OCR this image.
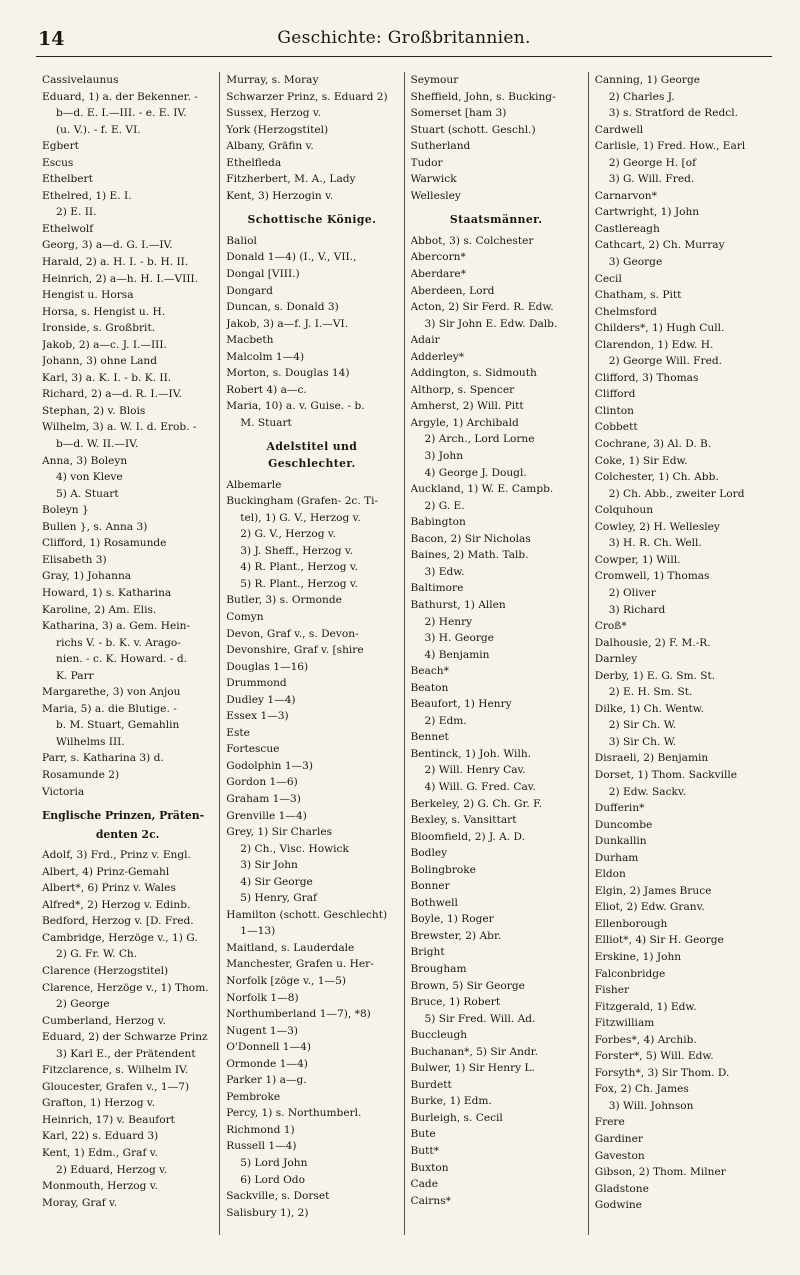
14	Geschichte: Großbritannien.
Cassivelaunus
Eduard, 1) a. der Bekenner. -
b—d. E. I.—III. - e. E. IV.
(u. V.). - f. E. VI.
Egbert
Escus
Ethelbert
Ethelred, 1) E. I.
2) E. II.
Ethelwolf
Georg, 3) a—d. G. I.—IV.
Harald, 2) a. H. I. - b. H. II.
Heinrich, 2) a—h. H. I.—VIII.
Hengist u. Horsa
Horsa, s. Hengist u. H.
Ironside, s. Großbrit.
Jakob, 2) a—c. J. I.—III.
Johann, 3) ohne Land
Karl, 3) a. K. I. - b. K. II.
Richard, 2) a—d. R. I.—IV.
Stephan, 2) v. Blois
Wilhelm, 3) a. W. I. d. Erob. -
b—d. W. II.—IV.
Anna, 3) Boleyn
4) von Kleve
5) A. Stuart
Boleyn }
Bullen }, s. Anna 3)
Clifford, 1) Rosamunde
Elisabeth 3)
Gray, 1) Johanna
Howard, 1) s. Katharina
Karoline, 2) Am. Elis.
Katharina, 3) a. Gem. Hein-
richs V. - b. K. v. Arago-
nien. - c. K. Howard. - d.
K. Parr
Margarethe, 3) von Anjou
Maria, 5) a. die Blutige. -
b. M. Stuart, Gemahlin
Wilhelms III.
Parr, s. Katharina 3) d.
Rosamunde 2)
Victoria
Englische Prinzen, Präten-
denten 2c.
Adolf, 3) Frd., Prinz v. Engl.
Albert, 4) Prinz-Gemahl
Albert*, 6) Prinz v. Wales
Alfred*, 2) Herzog v. Edinb.
Bedford, Herzog v. [D. Fred.
Cambridge, Herzöge v., 1) G.
2) G. Fr. W. Ch.
Clarence (Herzogstitel)
Clarence, Herzöge v., 1) Thom.
2) George
Cumberland, Herzog v.
Eduard, 2) der Schwarze Prinz
3) Karl E., der Prätendent
Fitzclarence, s. Wilhelm IV.
Gloucester, Grafen v., 1—7)
Grafton, 1) Herzog v.
Heinrich, 17) v. Beaufort
Karl, 22) s. Eduard 3)
Kent, 1) Edm., Graf v.
2) Eduard, Herzog v.
Monmouth, Herzog v.
Moray, Graf v.
Murray, s. Moray
Schwarzer Prinz, s. Eduard 2)
Sussex, Herzog v.
York (Herzogstitel)
Albany, Gräfin v.
Ethelfleda
Fitzherbert, M. A., Lady
Kent, 3) Herzogin v.
Schottische Könige.
Baliol
Donald 1—4) (I., V., VII.,
Dongal [VIII.)
Dongard
Duncan, s. Donald 3)
Jakob, 3) a—f. J. I.—VI.
Macbeth
Malcolm 1—4)
Morton, s. Douglas 14)
Robert 4) a—c.
Maria, 10) a. v. Guise. - b.
M. Stuart
Adelstitel und Geschlechter.
Albemarle
Buckingham (Grafen- 2c. Ti-
tel), 1) G. V., Herzog v.
2) G. V., Herzog v.
3) J. Sheff., Herzog v.
4) R. Plant., Herzog v.
5) R. Plant., Herzog v.
Butler, 3) s. Ormonde
Comyn
Devon, Graf v., s. Devon-
Devonshire, Graf v. [shire
Douglas 1—16)
Drummond
Dudley 1—4)
Essex 1—3)
Este
Fortescue
Godolphin 1—3)
Gordon 1—6)
Graham 1—3)
Grenville 1—4)
Grey, 1) Sir Charles
2) Ch., Visc. Howick
3) Sir John
4) Sir George
5) Henry, Graf
Hamilton (schott. Geschlecht)
1—13)
Maitland, s. Lauderdale
Manchester, Grafen u. Her-
Norfolk [zöge v., 1—5)
Norfolk 1—8)
Northumberland 1—7), *8)
Nugent 1—3)
O'Donnell 1—4)
Ormonde 1—4)
Parker 1) a—g.
Pembroke
Percy, 1) s. Northumberl.
Richmond 1)
Russell 1—4)
5) Lord John
6) Lord Odo
Sackville, s. Dorset
Salisbury 1), 2)
Seymour
Sheffield, John, s. Bucking-
Somerset [ham 3)
Stuart (schott. Geschl.)
Sutherland
Tudor
Warwick
Wellesley
Staatsmänner.
Abbot, 3) s. Colchester
Abercorn*
Aberdare*
Aberdeen, Lord
Acton, 2) Sir Ferd. R. Edw.
3) Sir John E. Edw. Dalb.
Adair
Adderley*
Addington, s. Sidmouth
Althorp, s. Spencer
Amherst, 2) Will. Pitt
Argyle, 1) Archibald
2) Arch., Lord Lorne
3) John
4) George J. Dougl.
Auckland, 1) W. E. Campb.
2) G. E.
Babington
Bacon, 2) Sir Nicholas
Baines, 2) Math. Talb.
3) Edw.
Baltimore
Bathurst, 1) Allen
2) Henry
3) H. George
4) Benjamin
Beach*
Beaton
Beaufort, 1) Henry
2) Edm.
Bennet
Bentinck, 1) Joh. Wilh.
2) Will. Henry Cav.
4) Will. G. Fred. Cav.
Berkeley, 2) G. Ch. Gr. F.
Bexley, s. Vansittart
Bloomfield, 2) J. A. D.
Bodley
Bolingbroke
Bonner
Bothwell
Boyle, 1) Roger
Brewster, 2) Abr.
Bright
Brougham
Brown, 5) Sir George
Bruce, 1) Robert
5) Sir Fred. Will. Ad.
Buccleugh
Buchanan*, 5) Sir Andr.
Bulwer, 1) Sir Henry L.
Burdett
Burke, 1) Edm.
Burleigh, s. Cecil
Bute
Butt*
Buxton
Cade
Cairns*
Canning, 1) George
2) Charles J.
3) s. Stratford de Redcl.
Cardwell
Carlisle, 1) Fred. How., Earl
2) George H. [of
3) G. Will. Fred.
Carnarvon*
Cartwright, 1) John
Castlereagh
Cathcart, 2) Ch. Murray
3) George
Cecil
Chatham, s. Pitt
Chelmsford
Childers*, 1) Hugh Cull.
Clarendon, 1) Edw. H.
2) George Will. Fred.
Clifford, 3) Thomas
Clifford
Clinton
Cobbett
Cochrane, 3) Al. D. B.
Coke, 1) Sir Edw.
Colchester, 1) Ch. Abb.
2) Ch. Abb., zweiter Lord
Colquhoun
Cowley, 2) H. Wellesley
3) H. R. Ch. Well.
Cowper, 1) Will.
Cromwell, 1) Thomas
2) Oliver
3) Richard
Croß*
Dalhousie, 2) F. M.-R.
Darnley
Derby, 1) E. G. Sm. St.
2) E. H. Sm. St.
Dilke, 1) Ch. Wentw.
2) Sir Ch. W.
3) Sir Ch. W.
Disraeli, 2) Benjamin
Dorset, 1) Thom. Sackville
2) Edw. Sackv.
Dufferin*
Duncombe
Dunkallin
Durham
Eldon
Elgin, 2) James Bruce
Eliot, 2) Edw. Granv.
Ellenborough
Elliot*, 4) Sir H. George
Erskine, 1) John
Falconbridge
Fisher
Fitzgerald, 1) Edw.
Fitzwilliam
Forbes*, 4) Archib.
Forster*, 5) Will. Edw.
Forsyth*, 3) Sir Thom. D.
Fox, 2) Ch. James
3) Will. Johnson
Frere
Gardiner
Gaveston
Gibson, 2) Thom. Milner
Gladstone
Godwine
